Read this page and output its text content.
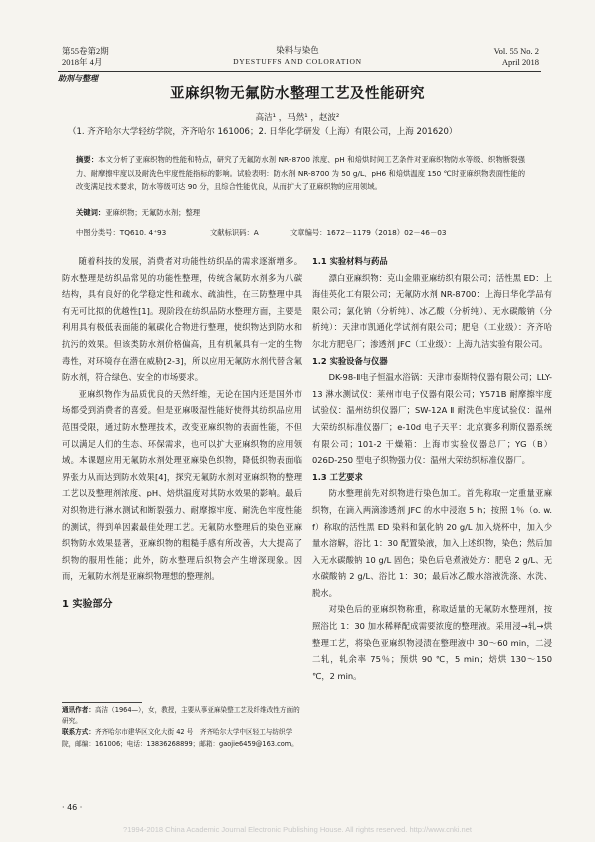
第55卷第2期
2018年 4月
染料与染色
DYESTUFFS AND COLORATION
Vol. 55 No. 2
April 2018
助剂与整理
亚麻织物无氟防水整理工艺及性能研究
高洁¹ ，马然¹ ，赵波²
（1. 齐齐哈尔大学轻纺学院，齐齐哈尔 161006；2. 日华化学研发（上海）有限公司，上海 201620）
摘要：本文分析了亚麻织物的性能和特点，研究了无氟防水剂 NR-8700 浓度、pH 和焙烘时间工艺条件对亚麻织物防水等级、织物断裂强力、耐摩擦牢度以及耐洗色牢度性能指标的影响。试验表明：防水剂 NR-8700 为 50 g/L、pH6 和焙烘温度 150 ℃时亚麻织物表面性能的改变满足技术要求，防水等级可达 90 分，且综合性能优良，从而扩大了亚麻织物的应用领域。
关键词：亚麻织物；无氟防水剂；整理
中图分类号：TQ610. 4⁺93	文献标识码：A	文章编号：1672－1179（2018）02－46－03

随着科技的发展，消费者对功能性纺织品的需求逐渐增多。防水整理是纺织品常见的功能性整理，传统含氟防水剂多为八碳结构，具有良好的化学稳定性和疏水、疏油性，在三防整理中具有无可比拟的优越性[1]。现阶段在纺织品防水整理方面，主要是利用具有极低表面能的氟碳化合物进行整理，使织物达到防水和抗污的效果。但该类防水剂价格偏高，且有机氟具有一定的生物毒性，对环境存在潜在威胁[2-3]，所以应用无氟防水剂代替含氟防水剂，符合绿色、安全的市场要求。

亚麻织物作为品质优良的天然纤维，无论在国内还是国外市场都受到消费者的喜爱。但是亚麻吸湿性能好使得其纺织品应用范围受限，通过防水整理技术，改变亚麻织物的表面性能，不但可以满足人们的生态、环保需求，也可以扩大亚麻织物的应用领域。本课题应用无氟防水剂处理亚麻染色织物，降低织物表面临界张力从而达到防水效果[4]，探究无氟防水剂对亚麻织物的整理工艺以及整理剂浓度、pH、焙烘温度对其防水效果的影响。最后对织物进行淋水测试和断裂强力、耐摩擦牢度、耐洗色牢度性能的测试，得到单因素最佳处理工艺。无氟防水整理后的染色亚麻织物防水效果显著，亚麻织物的粗糙手感有所改善，大大提高了织物的服用性能；此外，防水整理后织物会产生增深现象。因而，无氟防水剂是亚麻织物理想的整理剂。

1 实验部分

通讯作者：高洁（1964—），女，教授，主要从事亚麻染整工艺及纤维改性方面的研究。
联系方式：齐齐哈尔市建华区文化大街 42 号　齐齐哈尔大学中区轻工与纺织学院，邮编：161006；电话：13836268899；邮箱：gaojie6459@163.com。
· 46 ·
1.1 实验材料与药品

漂白亚麻织物：克山金鼎亚麻纺织有限公司；活性黑 ED：上海佳英化工有限公司；无氟防水剂 NR-8700：上海日华化学品有限公司；氯化钠（分析纯）、冰乙酸（分析纯）、无水碳酸钠（分析纯）：天津市凯通化学试剂有限公司；肥皂（工业级）：齐齐哈尔北方肥皂厂；渗透剂 JFC（工业级）：上海九洁实验有限公司。

1.2 实验设备与仪器

DK-98-Ⅱ电子恒温水浴锅：天津市泰斯特仪器有限公司；LLY-13 淋水测试仪：莱州市电子仪器有限公司；Y571B 耐摩擦牢度试验仪：温州纺织仪器厂；SW-12A Ⅱ 耐洗色牢度试验仪：温州大荣纺织标准仪器厂；e-10d 电子天平：北京赛多利斯仪器系统有限公司；101-2 干燥箱：上海市实验仪器总厂；YG（B）026D-250 型电子织物强力仪：温州大荣纺织标准仪器厂。

1.3 工艺要求

防水整理前先对织物进行染色加工。首先称取一定重量亚麻织物，在滴入两滴渗透剂 JFC 的水中浸泡 5 h；按照 1％（o. w. f）称取的活性黑 ED 染料和氯化钠 20 g/L 加入烧杯中，加入少量水溶解，浴比 1：30 配置染液，加入上述织物，染色；然后加入无水碳酸钠 10 g/L 固色；染色后皂煮液处方：肥皂 2 g/L、无水碳酸钠 2 g/L、浴比 1：30；最后冰乙酸水溶液洗涤、水洗、脱水。

对染色后的亚麻织物称重，称取适量的无氟防水整理剂，按照浴比 1：30 加水稀释配成需要浓度的整理液。采用浸→轧→烘整理工艺，将染色亚麻织物浸渍在整理液中 30～60 min，二浸二轧，轧余率 75％；预烘 90 ℃，5 min；焙烘 130～150 ℃，2 min。

?1994-2018 China Academic Journal Electronic Publishing House. All rights reserved. http://www.cnki.net
